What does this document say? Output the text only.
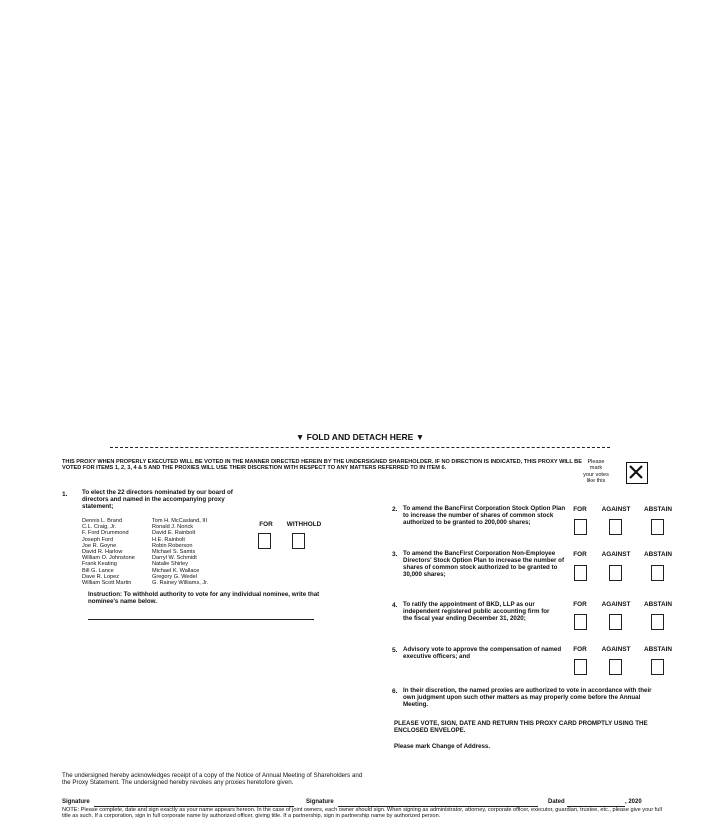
▼ FOLD AND DETACH HERE ▼
THIS PROXY WHEN PROPERLY EXECUTED WILL BE VOTED IN THE MANNER DIRECTED HEREIN BY THE UNDERSIGNED SHAREHOLDER. IF NO DIRECTION IS INDICATED, THIS PROXY WILL BE VOTED FOR ITEMS 1, 2, 3, 4 & 5 AND THE PROXIES WILL USE THEIR DISCRETION WITH RESPECT TO ANY MATTERS REFERRED TO IN ITEM 6.
Please
mark
your votes
like this
1. To elect the 22 directors nominated by our board of directors and named in the accompanying proxy statement;
Dennis L. Brand
C.L. Craig, Jr.
F. Ford Drummond
Joseph Ford
Joe R. Goyne
David R. Harlow
William O. Johnstone
Frank Keating
Bill G. Lance
Dave R. Lopez
William Scott Martin
Tom H. McCasland, III
Ronald J. Norick
David E. Rainbolt
H.E. Rainbolt
Robin Roberson
Michael S. Samis
Darryl W. Schmidt
Natalie Shirley
Michael K. Wallace
Gregory G. Wedel
G. Rainey Williams, Jr.
FOR	WITHHOLD
Instruction: To withhold authority to vote for any individual nominee, write that nominee's name below.
2. To amend the BancFirst Corporation Stock Option Plan to increase the number of shares of common stock authorized to be granted to 200,000 shares;
FOR	AGAINST	ABSTAIN
3. To amend the BancFirst Corporation Non-Employee Directors' Stock Option Plan to increase the number of shares of common stock authorized to be granted to 30,000 shares;
FOR	AGAINST	ABSTAIN
4. To ratify the appointment of BKD, LLP as our independent registered public accounting firm for the fiscal year ending December 31, 2020;
FOR	AGAINST	ABSTAIN
5. Advisory vote to approve the compensation of named executive officers; and
FOR	AGAINST	ABSTAIN
6. In their discretion, the named proxies are authorized to vote in accordance with their own judgment upon such other matters as may properly come before the Annual Meeting.
PLEASE VOTE, SIGN, DATE AND RETURN THIS PROXY CARD PROMPTLY USING THE ENCLOSED ENVELOPE.
Please mark Change of Address.
The undersigned hereby acknowledges receipt of a copy of the Notice of Annual Meeting of Shareholders and the Proxy Statement. The undersigned hereby revokes any proxies heretofore given.
Signature	Signature	Dated	, 2020
NOTE: Please complete, date and sign exactly as your name appears hereon. In the case of joint owners, each owner should sign. When signing as administrator, attorney, corporate officer, executor, guardian, trustee, etc., please give your full title as such. If a corporation, sign in full corporate name by authorized officer, giving title. If a partnership, sign in partnership name by authorized person.
